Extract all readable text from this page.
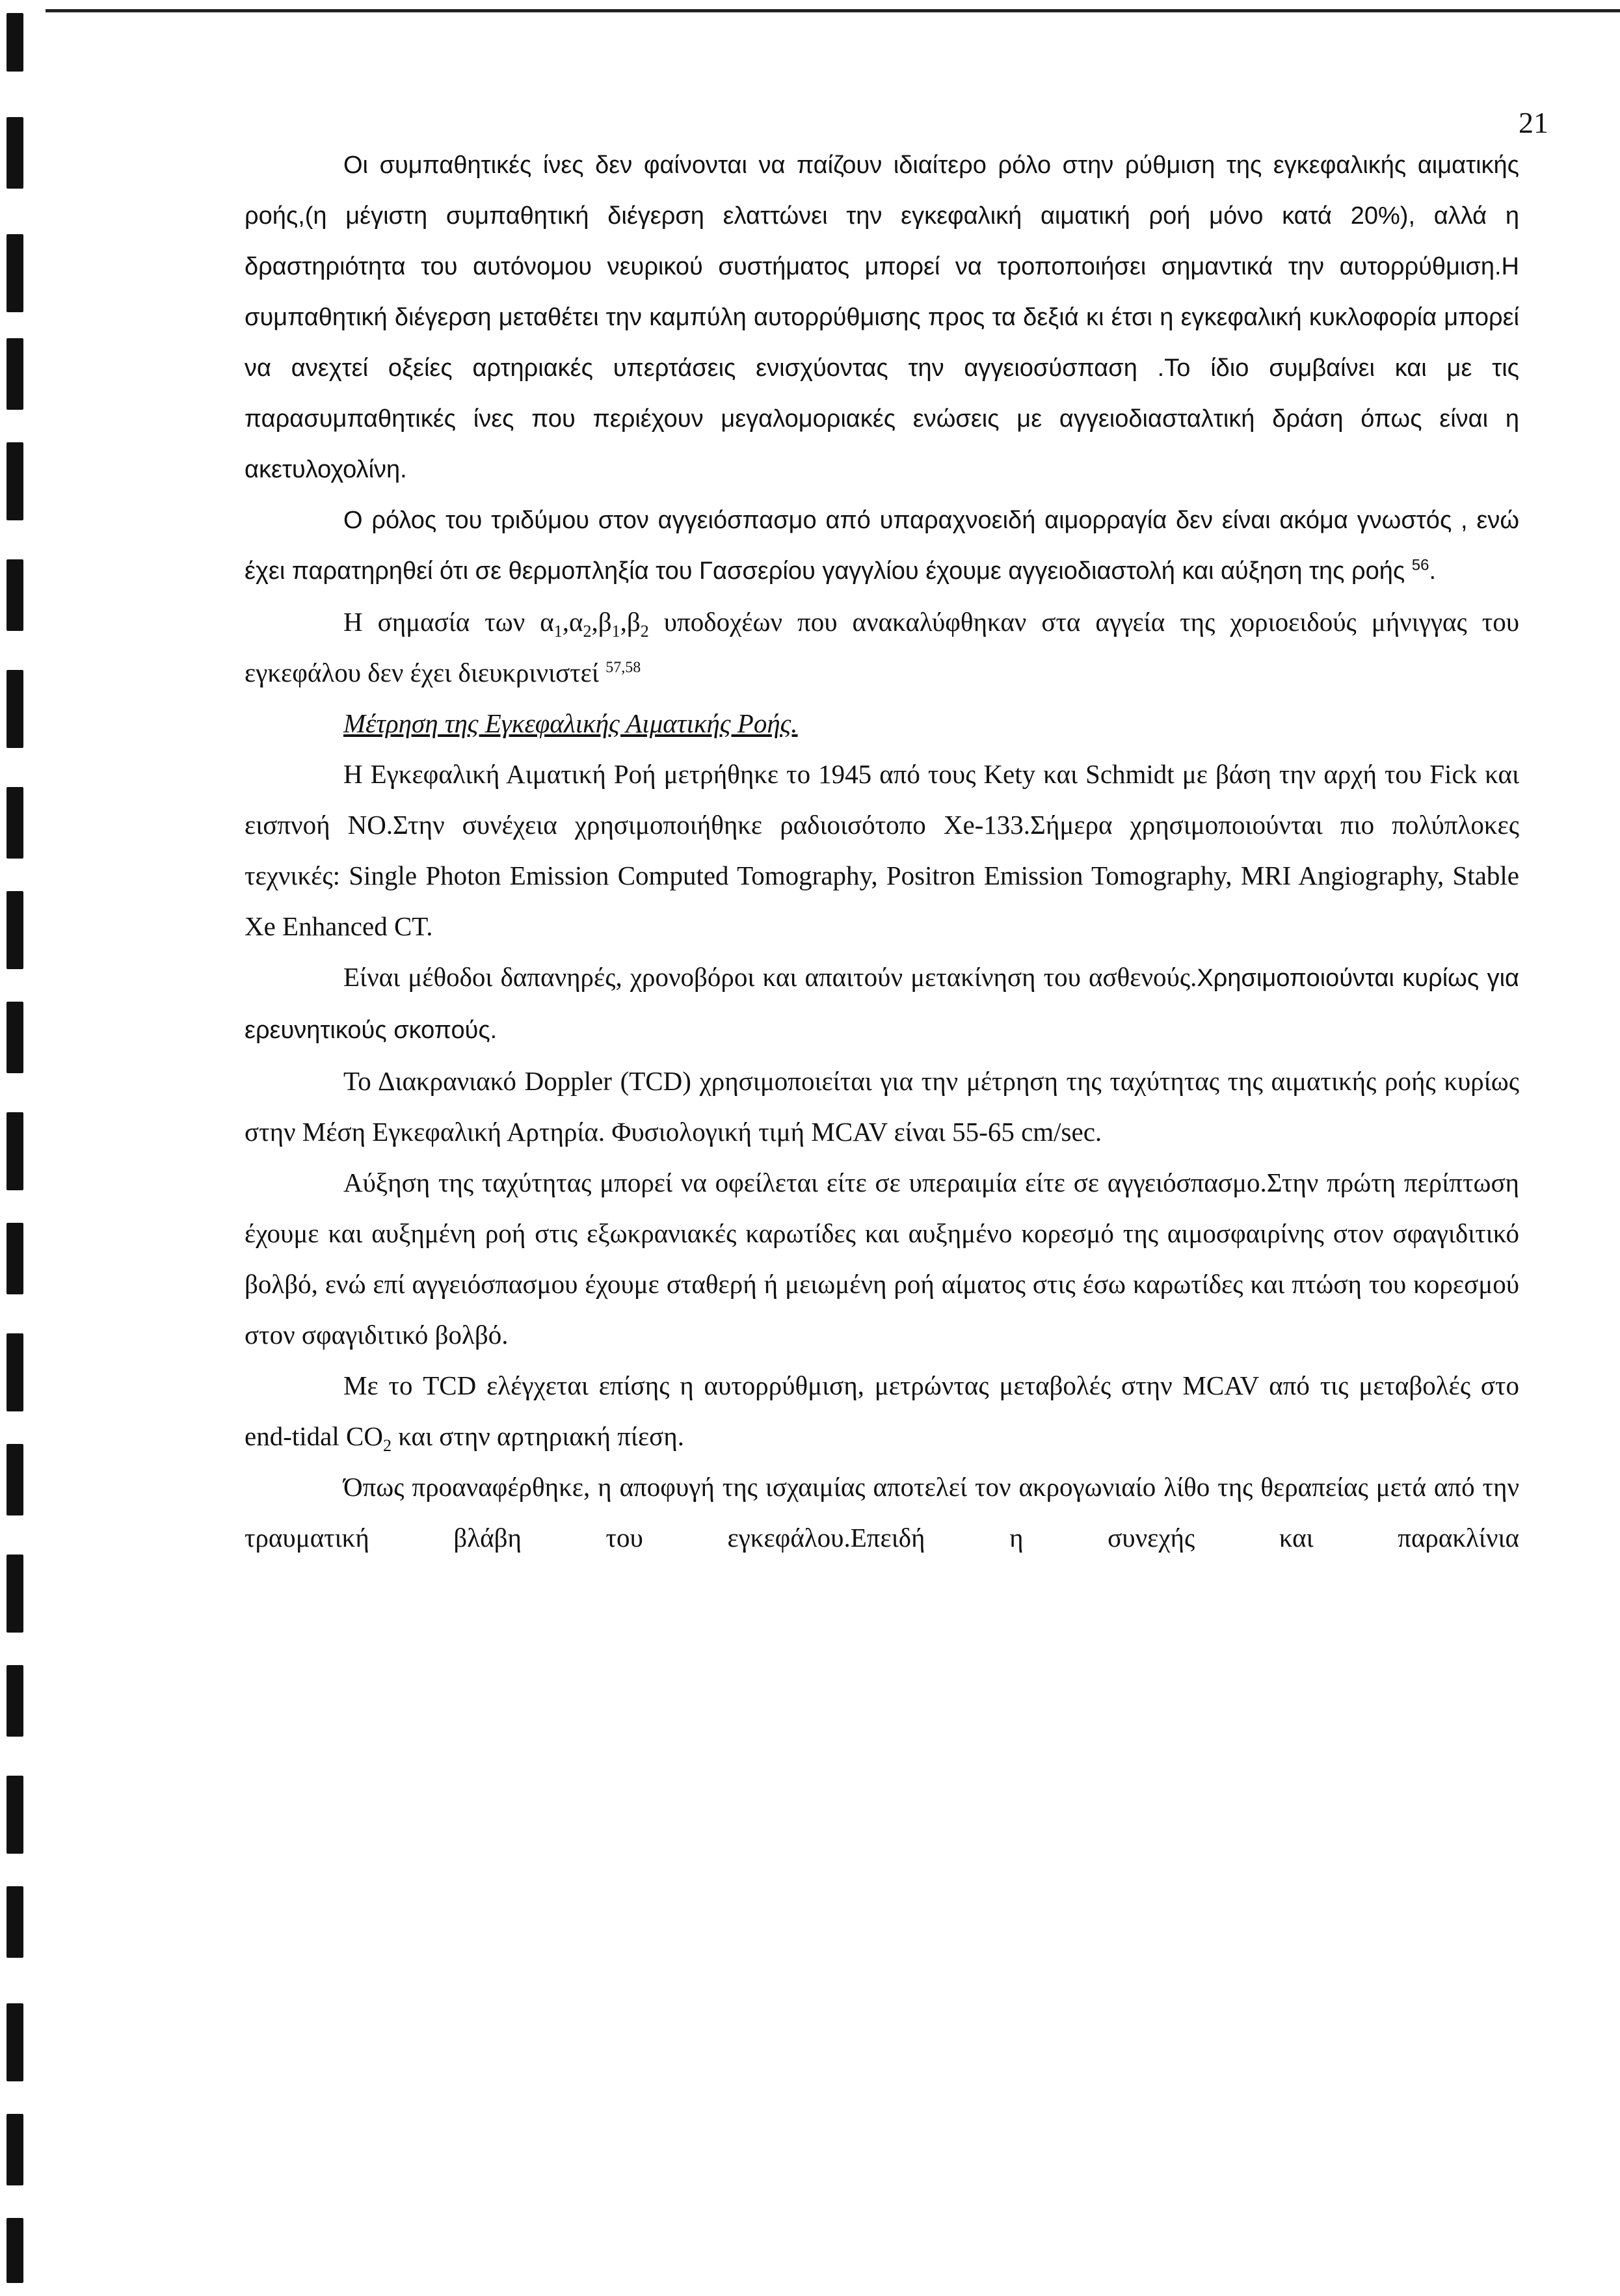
21

Οι συμπαθητικές ίνες δεν φαίνονται να παίζουν ιδιαίτερο ρόλο στην ρύθμιση της εγκεφαλικής αιματικής ροής,(η μέγιστη συμπαθητική διέγερση ελαττώνει την εγκεφαλική αιματική ροή μόνο κατά 20%), αλλά η δραστηριότητα του αυτόνομου νευρικού συστήματος μπορεί να τροποποιήσει σημαντικά την αυτορρύθμιση.Η συμπαθητική διέγερση μεταθέτει την καμπύλη αυτορρύθμισης προς τα δεξιά κι έτσι η εγκεφαλική κυκλοφορία μπορεί να ανεχτεί οξείες αρτηριακές υπερτάσεις ενισχύοντας την αγγειοσύσπαση .Το ίδιο συμβαίνει και με τις παρασυμπαθητικές ίνες που περιέχουν μεγαλομοριακές ενώσεις με αγγειοδιασταλτική δράση όπως είναι η ακετυλοχολίνη.

Ο ρόλος του τριδύμου στον αγγειόσπασμο από υπαραχνοειδή αιμορραγία δεν είναι ακόμα γνωστός , ενώ έχει παρατηρηθεί ότι σε θερμοπληξία του Γασσερίου γαγγλίου έχουμε αγγειοδιαστολή και αύξηση της ροής $^{56}$.

Η σημασία των $\alpha_1,\alpha_2,\beta_1,\beta_2$ υποδοχέων που ανακαλύφθηκαν στα αγγεία της χοριοειδούς μήνιγγας του εγκεφάλου δεν έχει διευκρινιστεί $^{57,58}$

Μέτρηση της Εγκεφαλικής Αιματικής Ροής.

Η Εγκεφαλική Αιματική Ροή μετρήθηκε το 1945 από τους Kety και Schmidt με βάση την αρχή του Fick και εισπνοή NO.Στην συνέχεια χρησιμοποιήθηκε ραδιοισότοπο Xe-133.Σήμερα χρησιμοποιούνται πιο πολύπλοκες τεχνικές: Single Photon Emission Computed Tomography, Positron Emission Tomography, MRI Angiography, Stable Xe Enhanced CT.

Είναι μέθοδοι δαπανηρές, χρονοβόροι και απαιτούν μετακίνηση του ασθενούς.Χρησιμοποιούνται κυρίως για ερευνητικούς σκοπούς.

Το Διακρανιακό Doppler (TCD) χρησιμοποιείται για την μέτρηση της ταχύτητας της αιματικής ροής κυρίως στην Μέση Εγκεφαλική Αρτηρία. Φυσιολογική τιμή MCAV είναι 55-65 cm/sec.

Αύξηση της ταχύτητας μπορεί να οφείλεται είτε σε υπεραιμία είτε σε αγγειόσπασμο.Στην πρώτη περίπτωση έχουμε και αυξημένη ροή στις εξωκρανιακές καρωτίδες και αυξημένο κορεσμό της αιμοσφαιρίνης στον σφαγιδιτικό βολβό, ενώ επί αγγειόσπασμου έχουμε σταθερή ή μειωμένη ροή αίματος στις έσω καρωτίδες και πτώση του κορεσμού στον σφαγιδιτικό βολβό.

Με το TCD ελέγχεται επίσης η αυτορρύθμιση, μετρώντας μεταβολές στην MCAV από τις μεταβολές στο end-tidal $CO_2$ και στην αρτηριακή πίεση.

Όπως προαναφέρθηκε, η αποφυγή της ισχαιμίας αποτελεί τον ακρογωνιαίο λίθο της θεραπείας μετά από την τραυματική βλάβη του εγκεφάλου.Επειδή η συνεχής και παρακλίνια
